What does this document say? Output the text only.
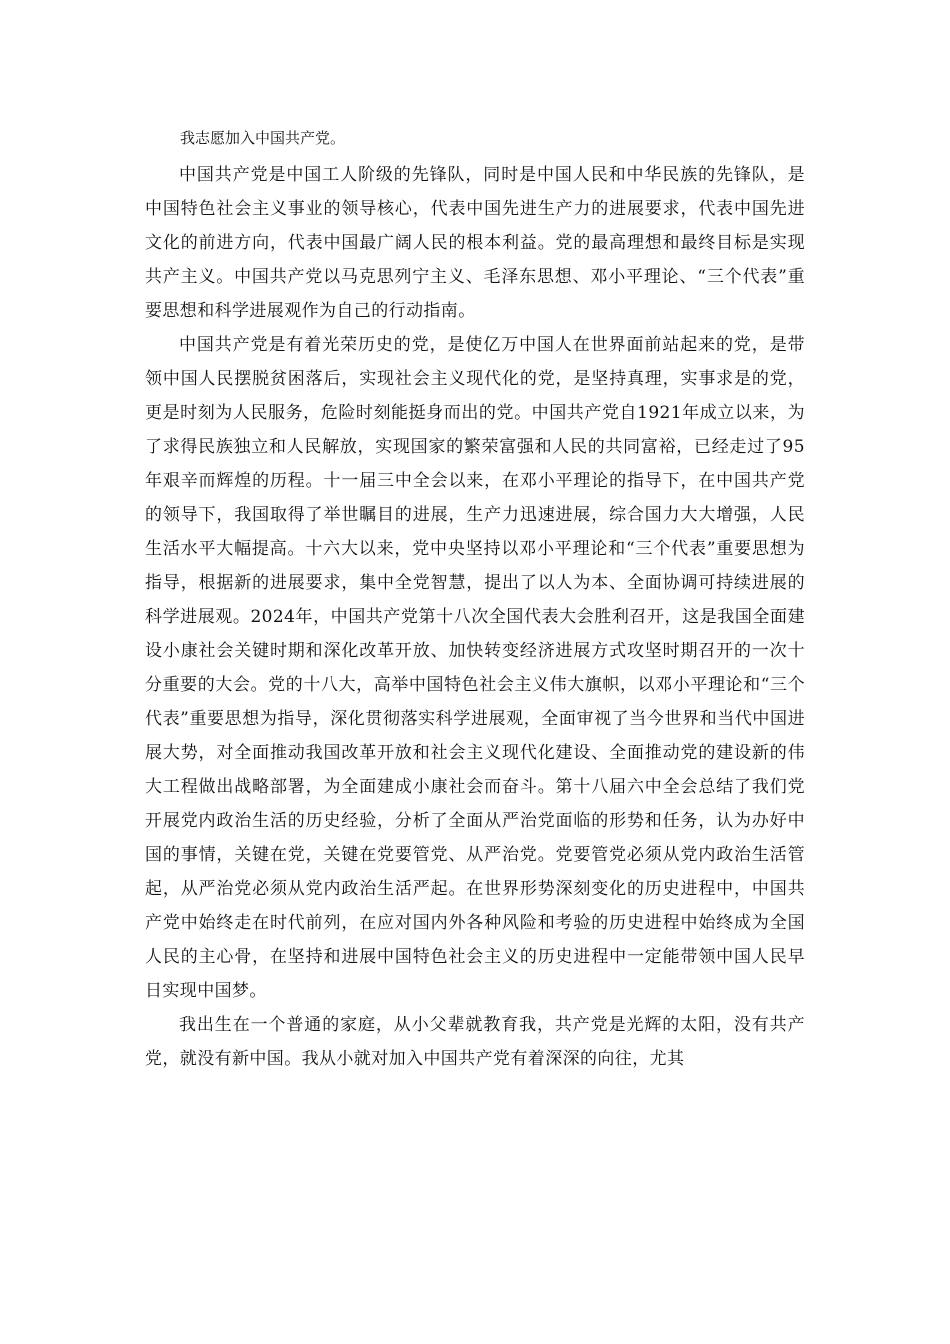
我志愿加入中国共产党。

中国共产党是中国工人阶级的先锋队，同时是中国人民和中华民族的先锋队，是中国特色社会主义事业的领导核心，代表中国先进生产力的进展要求，代表中国先进文化的前进方向，代表中国最广阔人民的根本利益。党的最高理想和最终目标是实现共产主义。中国共产党以马克思列宁主义、毛泽东思想、邓小平理论、“三个代表”重要思想和科学进展观作为自己的行动指南。

中国共产党是有着光荣历史的党，是使亿万中国人在世界面前站起来的党，是带领中国人民摆脱贫困落后，实现社会主义现代化的党，是坚持真理，实事求是的党，更是时刻为人民服务，危险时刻能挺身而出的党。中国共产党自1921年成立以来，为了求得民族独立和人民解放，实现国家的繁荣富强和人民的共同富裕，已经走过了95年艰辛而辉煌的历程。十一届三中全会以来，在邓小平理论的指导下，在中国共产党的领导下，我国取得了举世瞩目的进展，生产力迅速进展，综合国力大大增强，人民生活水平大幅提高。十六大以来，党中央坚持以邓小平理论和“三个代表”重要思想为指导，根据新的进展要求，集中全党智慧，提出了以人为本、全面协调可持续进展的科学进展观。2024年，中国共产党第十八次全国代表大会胜利召开，这是我国全面建设小康社会关键时期和深化改革开放、加快转变经济进展方式攻坚时期召开的一次十分重要的大会。党的十八大，高举中国特色社会主义伟大旗帜，以邓小平理论和“三个代表”重要思想为指导，深化贯彻落实科学进展观，全面审视了当今世界和当代中国进展大势，对全面推动我国改革开放和社会主义现代化建设、全面推动党的建设新的伟大工程做出战略部署，为全面建成小康社会而奋斗。第十八届六中全会总结了我们党开展党内政治生活的历史经验，分析了全面从严治党面临的形势和任务，认为办好中国的事情，关键在党，关键在党要管党、从严治党。党要管党必须从党内政治生活管起，从严治党必须从党内政治生活严起。在世界形势深刻变化的历史进程中，中国共产党中始终走在时代前列，在应对国内外各种风险和考验的历史进程中始终成为全国人民的主心骨，在坚持和进展中国特色社会主义的历史进程中一定能带领中国人民早日实现中国梦。

我出生在一个普通的家庭，从小父辈就教育我，共产党是光辉的太阳，没有共产党，就没有新中国。我从小就对加入中国共产党有着深深的向往，尤其
